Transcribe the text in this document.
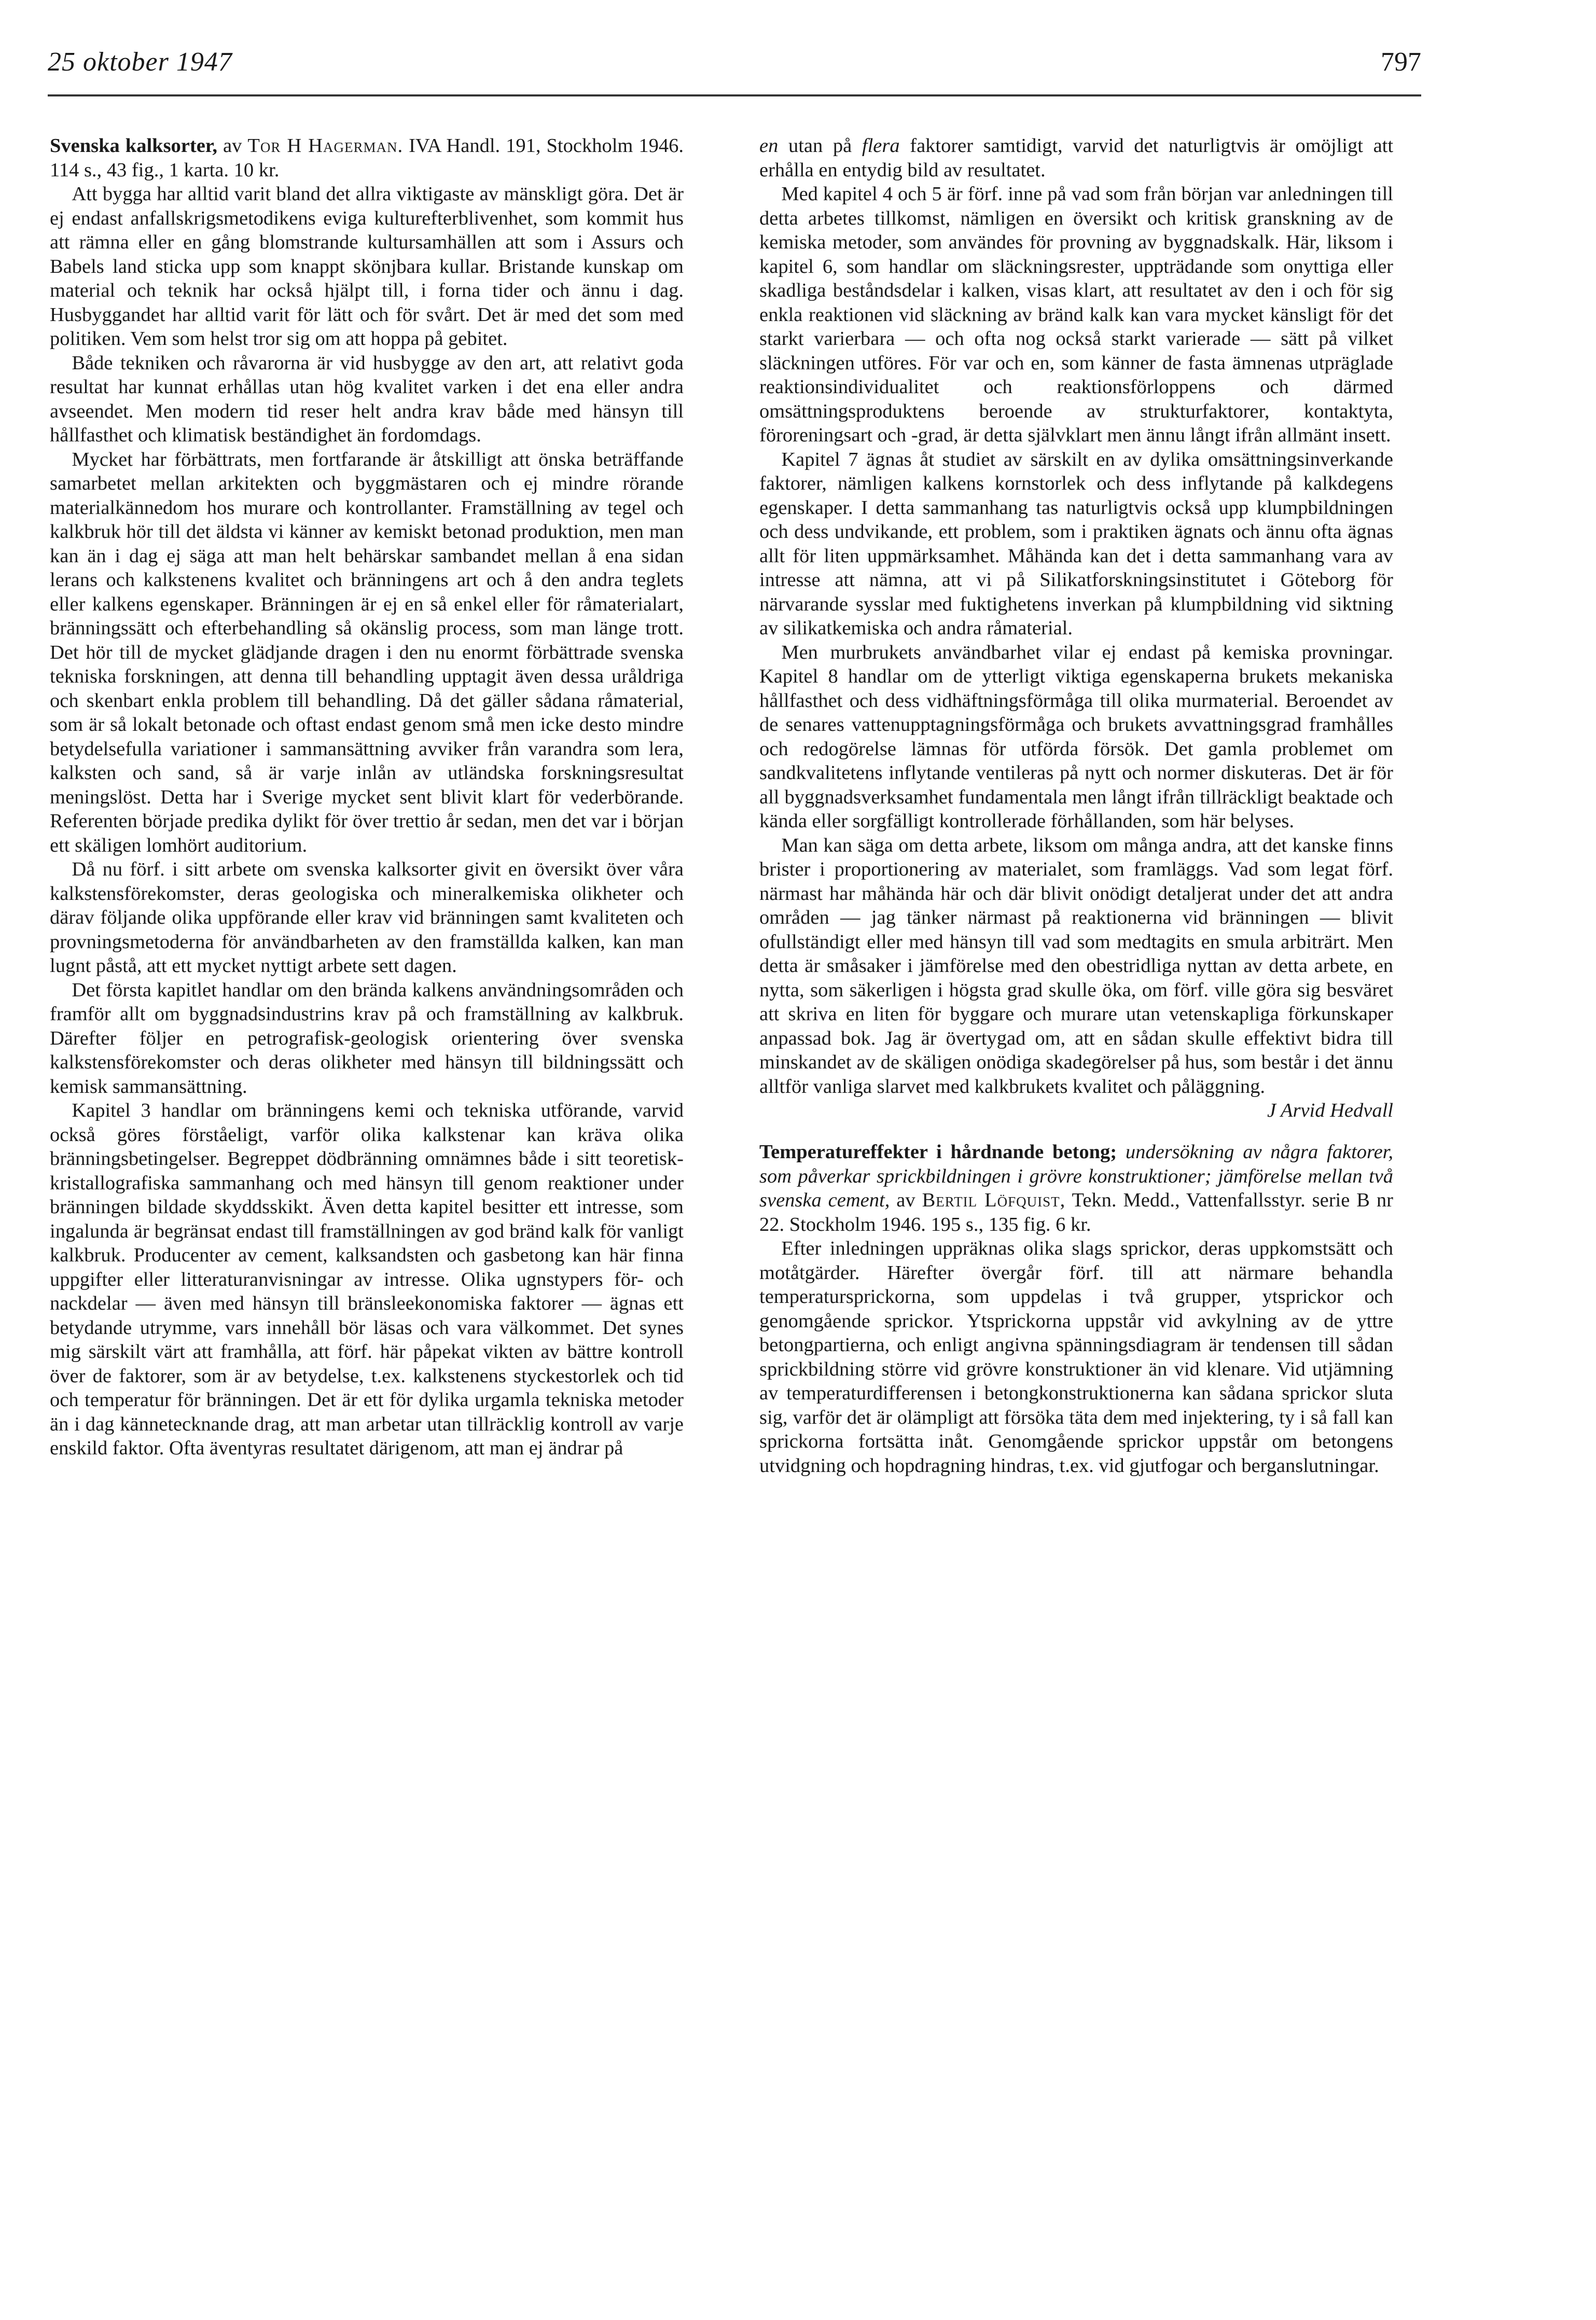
25 oktober 1947	797

Svenska kalksorter, av Tor H Hagerman. IVA Handl. 191, Stockholm 1946. 114 s., 43 fig., 1 karta. 10 kr.

Att bygga har alltid varit bland det allra viktigaste av mänskligt göra. Det är ej endast anfallskrigsmetodikens eviga kulturefterblivenhet, som kommit hus att rämna eller en gång blomstrande kultursamhällen att som i Assurs och Babels land sticka upp som knappt skönjbara kullar. Bristande kunskap om material och teknik har också hjälpt till, i forna tider och ännu i dag. Husbyggandet har alltid varit för lätt och för svårt. Det är med det som med politiken. Vem som helst tror sig om att hoppa på gebitet.

Både tekniken och råvarorna är vid husbygge av den art, att relativt goda resultat har kunnat erhållas utan hög kvalitet varken i det ena eller andra avseendet. Men modern tid reser helt andra krav både med hänsyn till hållfasthet och klimatisk beständighet än fordomdags.

Mycket har förbättrats, men fortfarande är åtskilligt att önska beträffande samarbetet mellan arkitekten och byggmästaren och ej mindre rörande materialkännedom hos murare och kontrollanter. Framställning av tegel och kalkbruk hör till det äldsta vi känner av kemiskt betonad produktion, men man kan än i dag ej säga att man helt behärskar sambandet mellan å ena sidan lerans och kalkstenens kvalitet och bränningens art och å den andra teglets eller kalkens egenskaper. Bränningen är ej en så enkel eller för råmaterialart, bränningssätt och efterbehandling så okänslig process, som man länge trott. Det hör till de mycket glädjande dragen i den nu enormt förbättrade svenska tekniska forskningen, att denna till behandling upptagit även dessa uråldriga och skenbart enkla problem till behandling. Då det gäller sådana råmaterial, som är så lokalt betonade och oftast endast genom små men icke desto mindre betydelsefulla variationer i sammansättning avviker från varandra som lera, kalksten och sand, så är varje inlån av utländska forskningsresultat meningslöst. Detta har i Sverige mycket sent blivit klart för vederbörande. Referenten började predika dylikt för över trettio år sedan, men det var i början ett skäligen lomhört auditorium.

Då nu förf. i sitt arbete om svenska kalksorter givit en översikt över våra kalkstensförekomster, deras geologiska och mineralkemiska olikheter och därav följande olika uppförande eller krav vid bränningen samt kvaliteten och provningsmetoderna för användbarheten av den framställda kalken, kan man lugnt påstå, att ett mycket nyttigt arbete sett dagen.

Det första kapitlet handlar om den brända kalkens användningsområden och framför allt om byggnadsindustrins krav på och framställning av kalkbruk. Därefter följer en petrografisk-geologisk orientering över svenska kalkstensförekomster och deras olikheter med hänsyn till bildningssätt och kemisk sammansättning.

Kapitel 3 handlar om bränningens kemi och tekniska utförande, varvid också göres förståeligt, varför olika kalkstenar kan kräva olika bränningsbetingelser. Begreppet dödbränning omnämnes både i sitt teoretisk-kristallografiska sammanhang och med hänsyn till genom reaktioner under bränningen bildade skyddsskikt. Även detta kapitel besitter ett intresse, som ingalunda är begränsat endast till framställningen av god bränd kalk för vanligt kalkbruk. Producenter av cement, kalksandsten och gasbetong kan här finna uppgifter eller litteraturanvisningar av intresse. Olika ugnstypers för- och nackdelar — även med hänsyn till bränsleekonomiska faktorer — ägnas ett betydande utrymme, vars innehåll bör läsas och vara välkommet. Det synes mig särskilt värt att framhålla, att förf. här påpekat vikten av bättre kontroll över de faktorer, som är av betydelse, t.ex. kalkstenens styckestorlek och tid och temperatur för bränningen. Det är ett för dylika urgamla tekniska metoder än i dag kännetecknande drag, att man arbetar utan tillräcklig kontroll av varje enskild faktor. Ofta äventyras resultatet därigenom, att man ej ändrar på

en utan på flera faktorer samtidigt, varvid det naturligtvis är omöjligt att erhålla en entydig bild av resultatet.

Med kapitel 4 och 5 är förf. inne på vad som från början var anledningen till detta arbetes tillkomst, nämligen en översikt och kritisk granskning av de kemiska metoder, som användes för provning av byggnadskalk. Här, liksom i kapitel 6, som handlar om släckningsrester, uppträdande som onyttiga eller skadliga beståndsdelar i kalken, visas klart, att resultatet av den i och för sig enkla reaktionen vid släckning av bränd kalk kan vara mycket känsligt för det starkt varierbara — och ofta nog också starkt varierade — sätt på vilket släckningen utföres. För var och en, som känner de fasta ämnenas utpräglade reaktionsindividualitet och reaktionsförloppens och därmed omsättningsproduktens beroende av strukturfaktorer, kontaktyta, föroreningsart och -grad, är detta självklart men ännu långt ifrån allmänt insett.

Kapitel 7 ägnas åt studiet av särskilt en av dylika omsättningsinverkande faktorer, nämligen kalkens kornstorlek och dess inflytande på kalkdegens egenskaper. I detta sammanhang tas naturligtvis också upp klumpbildningen och dess undvikande, ett problem, som i praktiken ägnats och ännu ofta ägnas allt för liten uppmärksamhet. Måhända kan det i detta sammanhang vara av intresse att nämna, att vi på Silikatforskningsinstitutet i Göteborg för närvarande sysslar med fuktighetens inverkan på klumpbildning vid siktning av silikatkemiska och andra råmaterial.

Men murbrukets användbarhet vilar ej endast på kemiska provningar. Kapitel 8 handlar om de ytterligt viktiga egenskaperna brukets mekaniska hållfasthet och dess vidhäftningsförmåga till olika murmaterial. Beroendet av de senares vattenupptagningsförmåga och brukets avvattningsgrad framhålles och redogörelse lämnas för utförda försök. Det gamla problemet om sandkvalitetens inflytande ventileras på nytt och normer diskuteras. Det är för all byggnadsverksamhet fundamentala men långt ifrån tillräckligt beaktade och kända eller sorgfälligt kontrollerade förhållanden, som här belyses.

Man kan säga om detta arbete, liksom om många andra, att det kanske finns brister i proportionering av materialet, som framläggs. Vad som legat förf. närmast har måhända här och där blivit onödigt detaljerat under det att andra områden — jag tänker närmast på reaktionerna vid bränningen — blivit ofullständigt eller med hänsyn till vad som medtagits en smula arbiträrt. Men detta är småsaker i jämförelse med den obestridliga nyttan av detta arbete, en nytta, som säkerligen i högsta grad skulle öka, om förf. ville göra sig besväret att skriva en liten för byggare och murare utan vetenskapliga förkunskaper anpassad bok. Jag är övertygad om, att en sådan skulle effektivt bidra till minskandet av de skäligen onödiga skadegörelser på hus, som består i det ännu alltför vanliga slarvet med kalkbrukets kvalitet och påläggning.
J Arvid Hedvall

Temperatureffekter i hårdnande betong; undersökning av några faktorer, som påverkar sprickbildningen i grövre konstruktioner; jämförelse mellan två svenska cement, av Bertil Löfquist, Tekn. Medd., Vattenfallsstyr. serie B nr 22. Stockholm 1946. 195 s., 135 fig. 6 kr.

Efter inledningen uppräknas olika slags sprickor, deras uppkomstsätt och motåtgärder. Härefter övergår förf. till att närmare behandla temperatursprickorna, som uppdelas i två grupper, ytsprickor och genomgående sprickor. Ytsprickorna uppstår vid avkylning av de yttre betongpartierna, och enligt angivna spänningsdiagram är tendensen till sådan sprickbildning större vid grövre konstruktioner än vid klenare. Vid utjämning av temperaturdifferensen i betongkonstruktionerna kan sådana sprickor sluta sig, varför det är olämpligt att försöka täta dem med injektering, ty i så fall kan sprickorna fortsätta inåt. Genomgående sprickor uppstår om betongens utvidgning och hopdragning hindras, t.ex. vid gjutfogar och berganslutningar.
